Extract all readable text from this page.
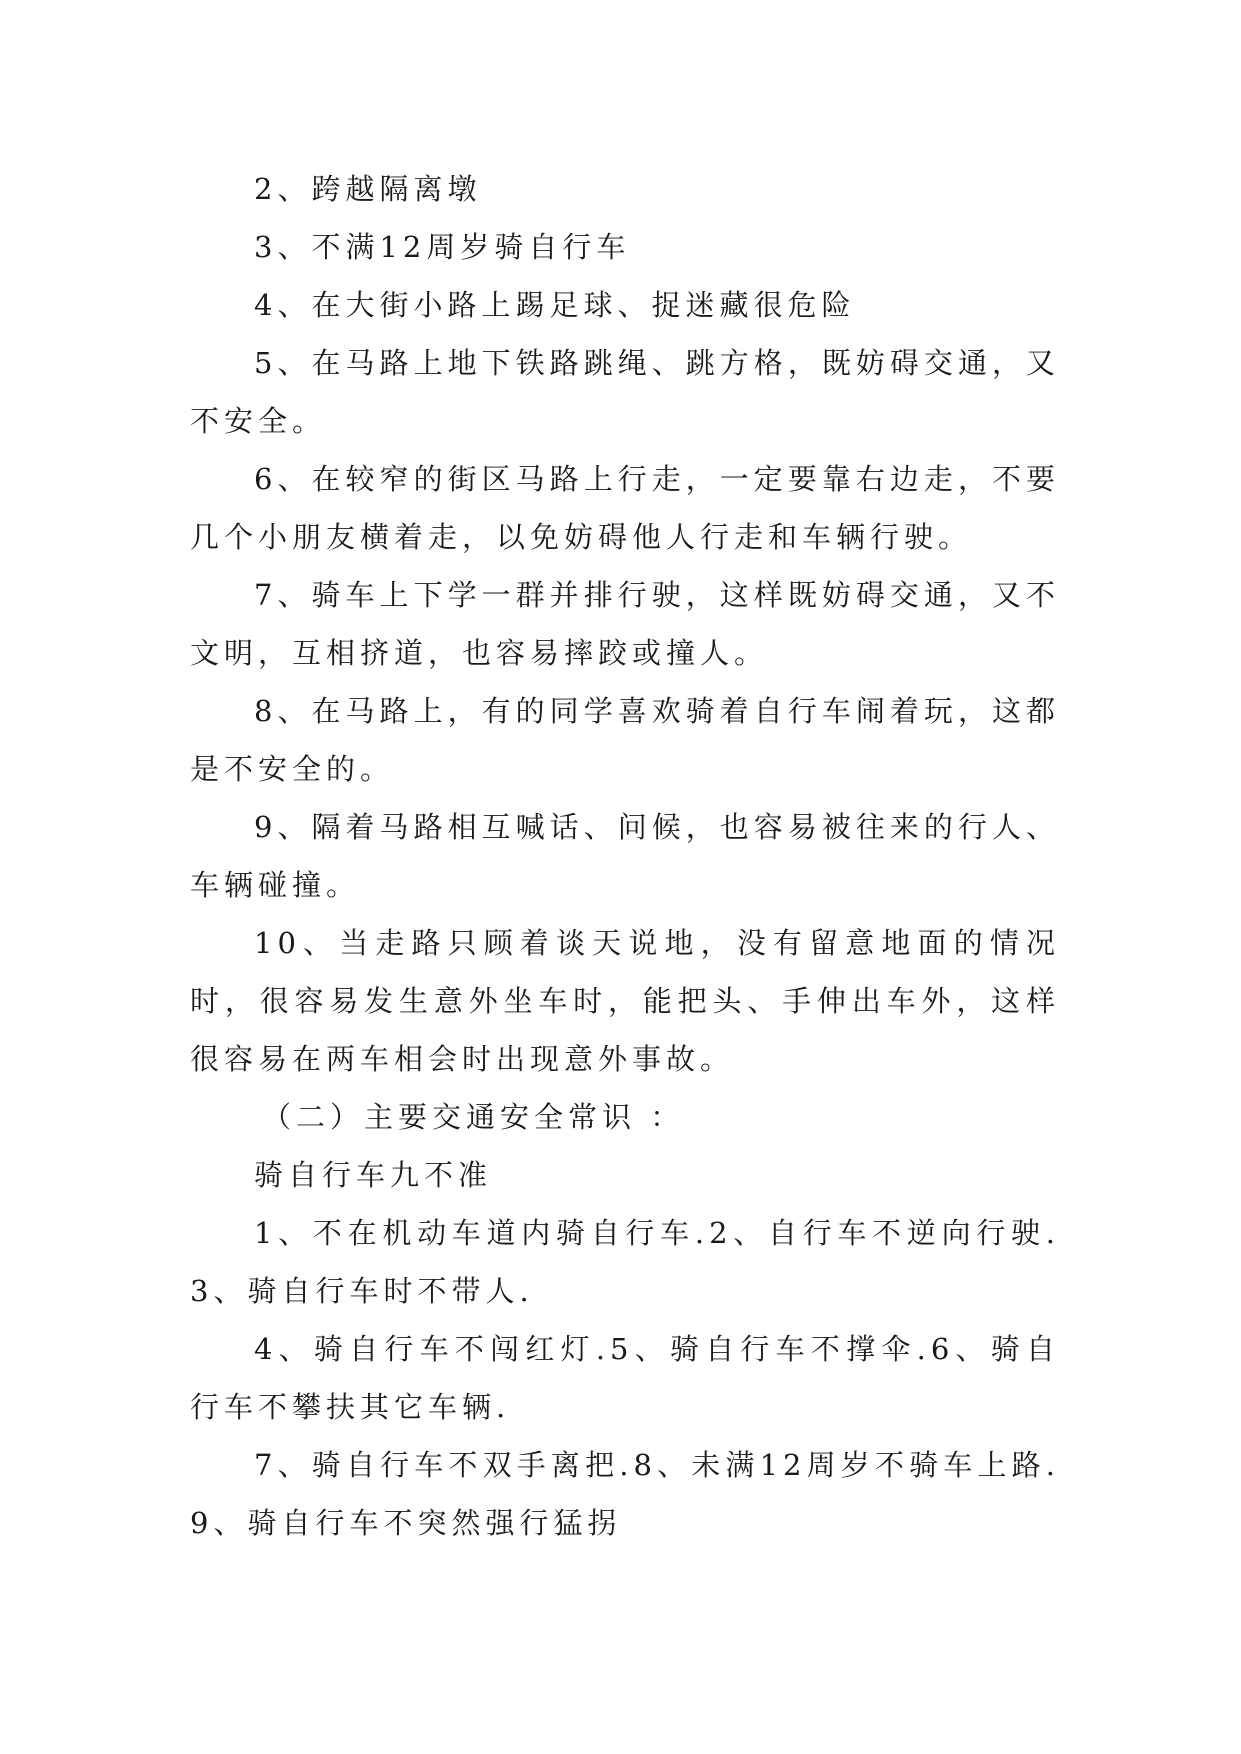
2、跨越隔离墩

3、不满12周岁骑自行车

4、在大街小路上踢足球、捉迷藏很危险

5、在马路上地下铁路跳绳、跳方格，既妨碍交通，又不安全。

6、在较窄的街区马路上行走，一定要靠右边走，不要几个小朋友横着走，以免妨碍他人行走和车辆行驶。

7、骑车上下学一群并排行驶，这样既妨碍交通，又不文明，互相挤道，也容易摔跤或撞人。

8、在马路上，有的同学喜欢骑着自行车闹着玩，这都是不安全的。

9、隔着马路相互喊话、问候，也容易被往来的行人、车辆碰撞。

10、当走路只顾着谈天说地，没有留意地面的情况时，很容易发生意外坐车时，能把头、手伸出车外，这样很容易在两车相会时出现意外事故。

（二）主要交通安全常识 ：

骑自行车九不准

1、不在机动车道内骑自行车.2、自行车不逆向行驶.3、骑自行车时不带人.

4、骑自行车不闯红灯.5、骑自行车不撑伞.6、骑自行车不攀扶其它车辆.

7、骑自行车不双手离把.8、未满12周岁不骑车上路.9、骑自行车不突然强行猛拐
